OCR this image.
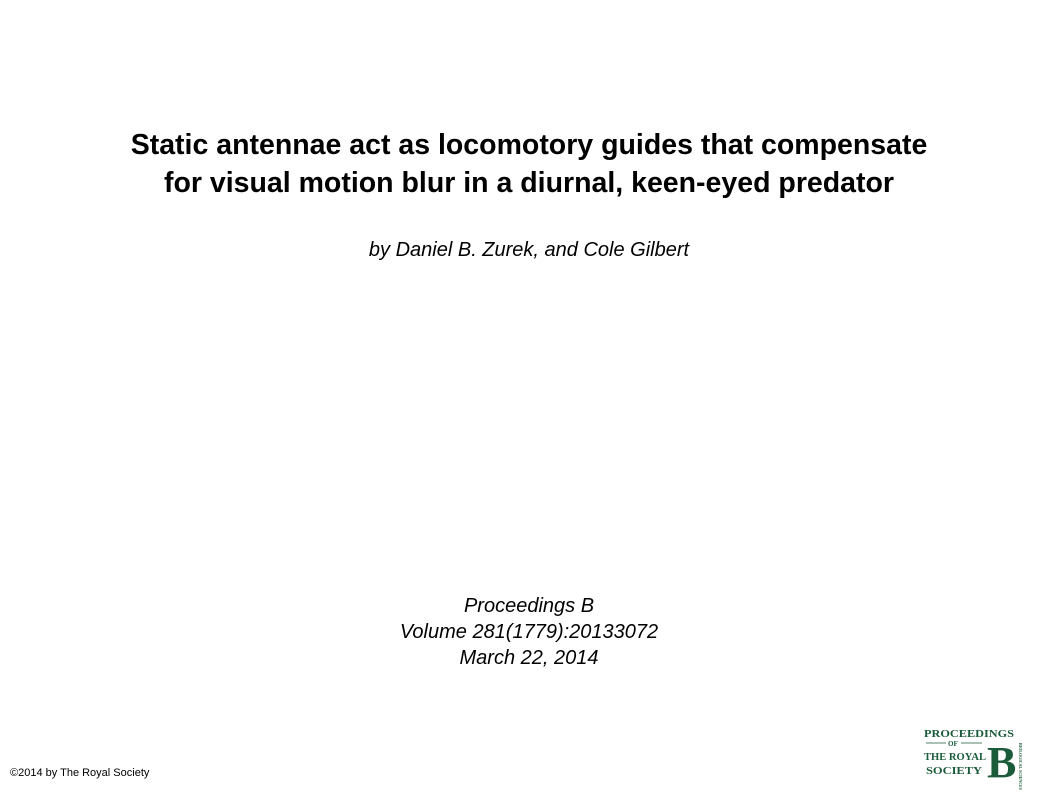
Static antennae act as locomotory guides that compensate
for visual motion blur in a diurnal, keen-eyed predator
by Daniel B. Zurek, and Cole Gilbert
Proceedings B
Volume 281(1779):20133072
March 22, 2014
©2014 by The Royal Society
PROCEEDINGS
OF
THE ROYAL
SOCIETY B BIOLOGICAL SCIENCES
